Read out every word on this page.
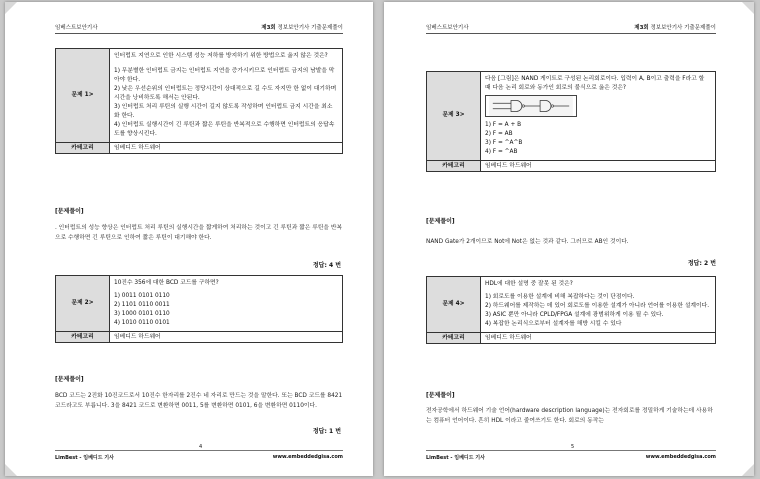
임베스트보안기사	제3회 정보보안기사 기출문제풀이
문제 1>	인터럽트 지연으로 인한 시스템 성능 저하를 방지하기 위한 방법으로 옳지 않은 것은?
1) 무분별한 인터럽트 금지는 인터럽트 지연을 증가시키므로 인터럽트 금지의 남발을 막아야 한다.
2) 낮은 우선순위의 인터럽트는 정당시간이 상대적으로 길 수도 자지만 한 없이 대기하며 시간을 낭비하도록 해서는 안된다.
3) 인터럽트 처리 루틴의 실행 시간이 길지 않도록 작성하며 인터럽트 금지 시간을 최소화 한다.
4) 인터럽트 실행시간이 긴 루틴과 짧은 루틴을 반복적으로 수행하면 인터럽트의 응답속도를 향상시킨다.

카테고리	임베디드 하드웨어
[문제풀이]
. 인터럽트의 성능 향상은 인터럽트 처리 루틴의 실행시간을 짧게하여 처리하는 것이고 긴 루틴과 짧은 루틴을 반복으로 수행하면 긴 루틴으로 인하여 짧은 루틴이 대기해야 한다.
정답: 4 번
문제 2>	10진수 356에 대한 BCD 코드를 구하면?
1) 0011 0101 0110
2) 1101 0110 0011
3) 1000 0101 0110
4) 1010 0110 0101

카테고리	임베디드 하드웨어
[문제풀이]
BCD 코드는 2진화 10진코드로서 10진수 한자리를 2진수 네 자리로 만드는 것을 말한다. 또는 BCD 코드를 8421 코드라고도 부릅니다. 3을 8421 코드로 변환하면 0011, 5를 변환하면 0101, 6을 변환하면 0110이다.
정답: 1 번
LimBest - 임베디드 기사
4
www.embeddedgisa.com
임베스트보안기사	제3회 정보보안기사 기출문제풀이
문제 3>	다음 [그림]은 NAND 게이트로 구성된 논리회로이다. 입력이 A, B이고 출력을 F라고 할 때 다음 논리 회로와 동가인 회로의 불식으로 옳은 것은?
1) F = A + B
2) F = AB
3) F = ^A^B
4) F = ^AB

카테고리	임베디드 하드웨어
[문제풀이]
NAND Gate가 2개이므로 Not에 Not은 없는 것과 같다. 그러므로 AB인 것이다.
정답: 2 번
문제 4>	HDL에 대한 설명 중 잘못 된 것은?
1) 회로도를 이용한 설계에 비해 복잡하다는 것이 단점이다.
2) 하드웨어를 제작하는 데 있어 회로도를 이용한 설계가 아니라 언어를 이용한 설계이다.
3) ASIC 뿐만 아니라 CPLD/FPGA 설계에 광범위하게 이용 될 수 있다.
4) 복잡한 논리식으로부터 설계자를 해방 시킬 수 있다

카테고리	임베디드 하드웨어
[문제풀이]
전자공학에서 하드웨어 기술 언어(hardware description language)는 전자회로를 정밀하게 기술하는데 사용하는 컴퓨터 언어이다. 흔히 HDL 이라고 줄여쓰기도 한다. 회로의 동작는
LimBest - 임베디드 기사
5
www.embeddedgisa.com
